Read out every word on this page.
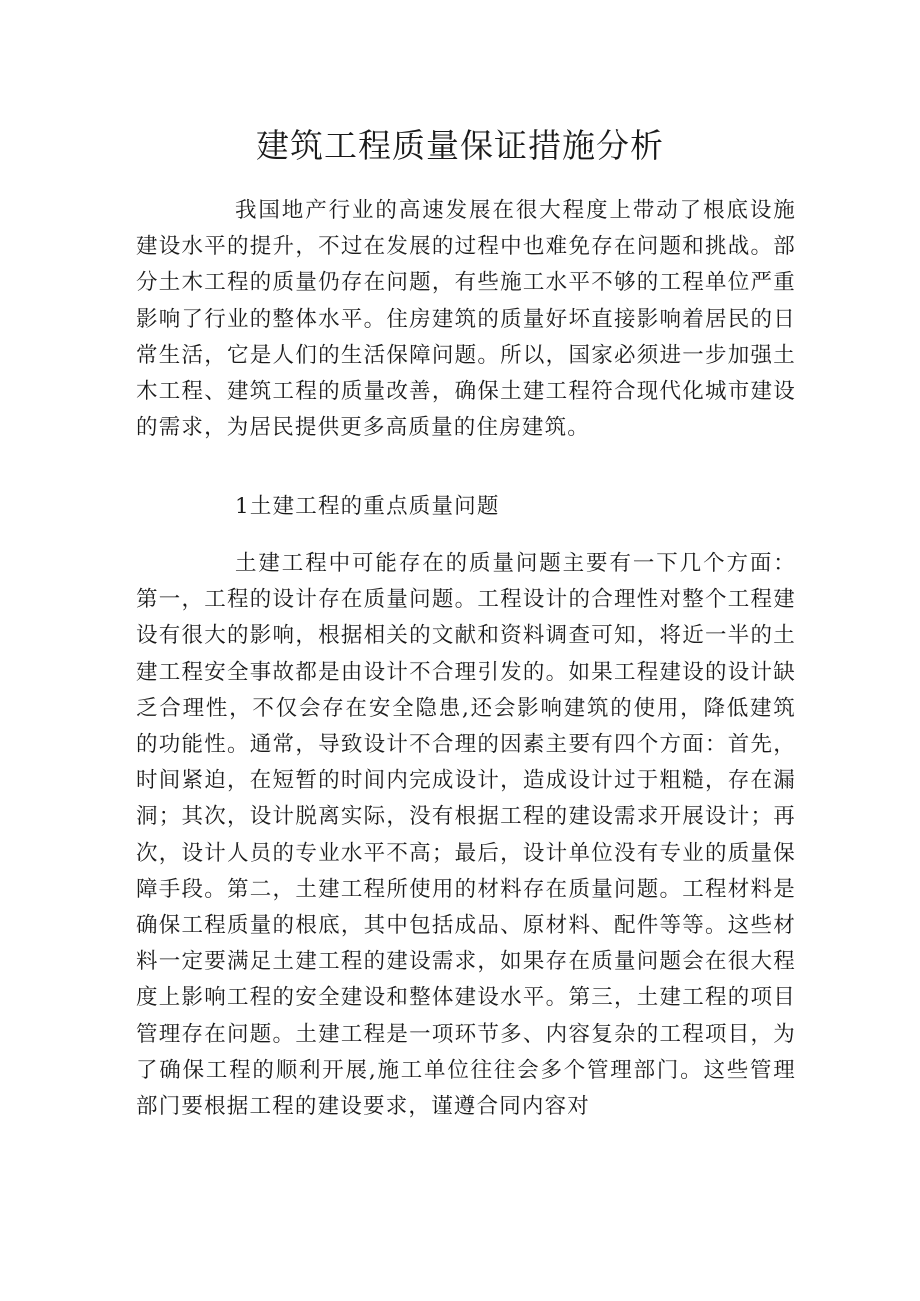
建筑工程质量保证措施分析

我国地产行业的高速发展在很大程度上带动了根底设施建设水平的提升，不过在发展的过程中也难免存在问题和挑战。部分土木工程的质量仍存在问题，有些施工水平不够的工程单位严重影响了行业的整体水平。住房建筑的质量好坏直接影响着居民的日常生活，它是人们的生活保障问题。所以，国家必须进一步加强土木工程、建筑工程的质量改善，确保土建工程符合现代化城市建设的需求，为居民提供更多高质量的住房建筑。

1土建工程的重点质量问题

土建工程中可能存在的质量问题主要有一下几个方面：第一，工程的设计存在质量问题。工程设计的合理性对整个工程建设有很大的影响，根据相关的文献和资料调查可知，将近一半的土建工程安全事故都是由设计不合理引发的。如果工程建设的设计缺乏合理性，不仅会存在安全隐患,还会影响建筑的使用，降低建筑的功能性。通常，导致设计不合理的因素主要有四个方面：首先，时间紧迫，在短暂的时间内完成设计，造成设计过于粗糙，存在漏洞；其次，设计脱离实际，没有根据工程的建设需求开展设计；再次，设计人员的专业水平不高；最后，设计单位没有专业的质量保障手段。第二，土建工程所使用的材料存在质量问题。工程材料是确保工程质量的根底，其中包括成品、原材料、配件等等。这些材料一定要满足土建工程的建设需求，如果存在质量问题会在很大程度上影响工程的安全建设和整体建设水平。第三，土建工程的项目管理存在问题。土建工程是一项环节多、内容复杂的工程项目，为了确保工程的顺利开展,施工单位往往会多个管理部门。这些管理部门要根据工程的建设要求，谨遵合同内容对
